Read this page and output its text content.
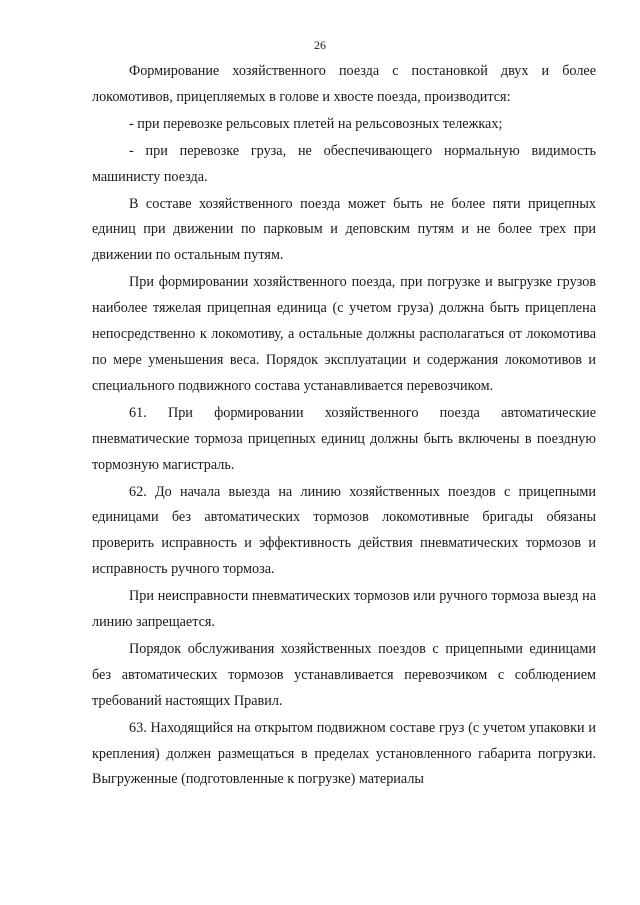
26

Формирование хозяйственного поезда с постановкой двух и более локомотивов, прицепляемых в голове и хвосте поезда, производится:

- при перевозке рельсовых плетей на рельсовозных тележках;

- при перевозке груза, не обеспечивающего нормальную видимость машинисту поезда.

В составе хозяйственного поезда может быть не более пяти прицепных единиц при движении по парковым и деповским путям и не более трех при движении по остальным путям.

При формировании хозяйственного поезда, при погрузке и выгрузке грузов наиболее тяжелая прицепная единица (с учетом груза) должна быть прицеплена непосредственно к локомотиву, а остальные должны располагаться от локомотива по мере уменьшения веса. Порядок эксплуатации и содержания локомотивов и специального подвижного состава устанавливается перевозчиком.

61. При формировании хозяйственного поезда автоматические пневматические тормоза прицепных единиц должны быть включены в поездную тормозную магистраль.

62. До начала выезда на линию хозяйственных поездов с прицепными единицами без автоматических тормозов локомотивные бригады обязаны проверить исправность и эффективность действия пневматических тормозов и исправность ручного тормоза.

При неисправности пневматических тормозов или ручного тормоза выезд на линию запрещается.

Порядок обслуживания хозяйственных поездов с прицепными единицами без автоматических тормозов устанавливается перевозчиком с соблюдением требований настоящих Правил.

63. Находящийся на открытом подвижном составе груз (с учетом упаковки и крепления) должен размещаться в пределах установленного габарита погрузки. Выгруженные (подготовленные к погрузке) материалы
